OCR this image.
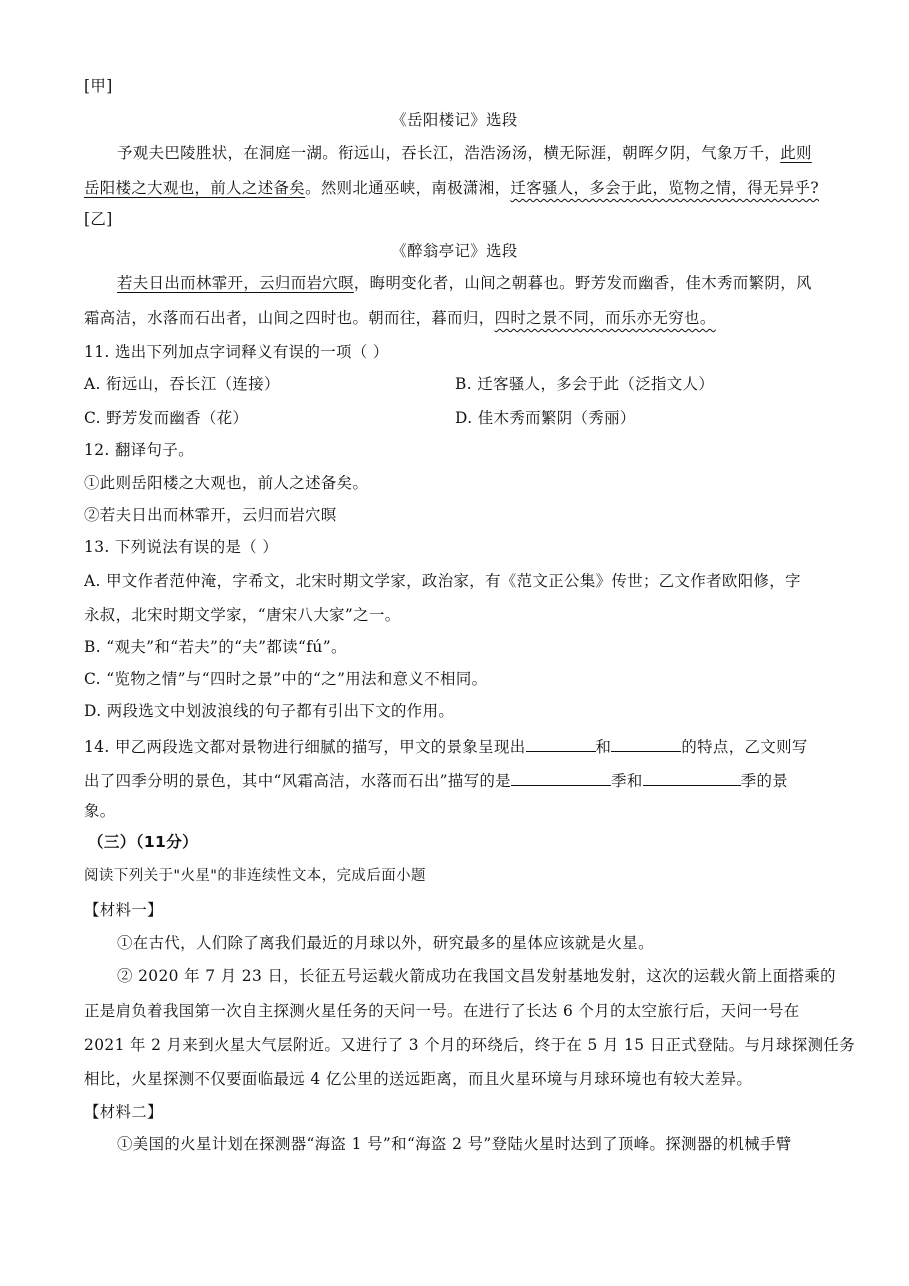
[甲]
《岳阳楼记》选段
予观夫巴陵胜状，在洞庭一湖。衔远山，吞长江，浩浩汤汤，横无际涯，朝晖夕阴，气象万千，此则
岳阳楼之大观也，前人之述备矣。然则北通巫峡，南极潇湘，迁客骚人，多会于此，览物之情，得无异乎?
[乙]
《醉翁亭记》选段
若夫日出而林霏开，云归而岩穴暝，晦明变化者，山间之朝暮也。野芳发而幽香，佳木秀而繁阴，风
霜高洁，水落而石出者，山间之四时也。朝而往，暮而归，四时之景不同，而乐亦无穷也。
11. 选出下列加点字词释义有误的一项（ ）
A. 衔远山，吞长江（连接）	B. 迁客骚人，多会于此（泛指文人）
C. 野芳发而幽香（花）	D. 佳木秀而繁阴（秀丽）
12. 翻译句子。
①此则岳阳楼之大观也，前人之述备矣。
②若夫日出而林霏开，云归而岩穴暝
13. 下列说法有误的是（ ）
A. 甲文作者范仲淹，字希文，北宋时期文学家，政治家，有《范文正公集》传世；乙文作者欧阳修，字
永叔，北宋时期文学家，“唐宋八大家”之一。
B. “观夫”和“若夫”的“夫”都读“fú”。
C. “览物之情”与“四时之景”中的“之”用法和意义不相同。
D. 两段选文中划波浪线的句子都有引出下文的作用。
14. 甲乙两段选文都对景物进行细腻的描写，甲文的景象呈现出	和	的特点，乙文则写
出了四季分明的景色，其中“风霜高洁，水落而石出”描写的是	季和	季的景
象。
（三）（11分）
阅读下列关于"火星"的非连续性文本，完成后面小题
【材料一】
①在古代，人们除了离我们最近的月球以外，研究最多的星体应该就是火星。
② 2020 年 7 月 23 日，长征五号运载火箭成功在我国文昌发射基地发射，这次的运载火箭上面搭乘的
正是肩负着我国第一次自主探测火星任务的天问一号。在进行了长达 6 个月的太空旅行后，天问一号在
2021 年 2 月来到火星大气层附近。又进行了 3 个月的环绕后，终于在 5 月 15 日正式登陆。与月球探测任务
相比，火星探测不仅要面临最远 4 亿公里的送远距离，而且火星环境与月球环境也有较大差异。
【材料二】
①美国的火星计划在探测器“海盗 1 号”和“海盗 2 号”登陆火星时达到了顶峰。探测器的机械手臂
